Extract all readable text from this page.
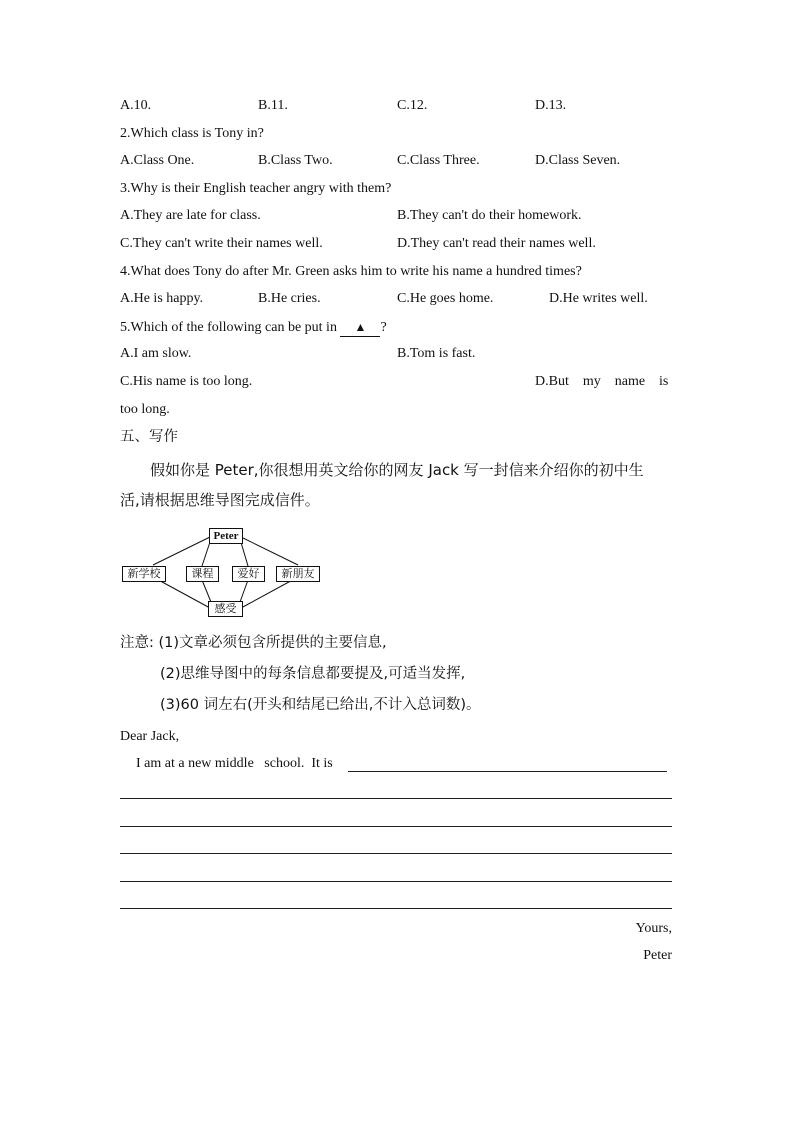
A.10.	B.11.	C.12.	D.13.
2.Which class is Tony in?
A.Class One.	B.Class Two.	C.Class Three.	D.Class Seven.
3.Why is their English teacher angry with them?
A.They are late for class.	B.They can't do their homework.
C.They can't write their names well.	D.They can't read their names well.
4.What does Tony do after Mr. Green asks him to write his name a hundred times?
A.He is happy.	B.He cries.	C.He goes home.	D.He writes well.
5.Which of the following can be put in ▲ ?
A.I am slow.	B.Tom is fast.
C.His name is too long.	D.But    my    name    is
too long.
五、写作
假如你是 Peter,你很想用英文给你的网友 Jack 写一封信来介绍你的初中生
活,请根据思维导图完成信件。
Peter
新学校	课程	爱好	新朋友
感受
注意: (1)文章必须包含所提供的主要信息,
(2)思维导图中的每条信息都要提及,可适当发挥,
(3)60 词左右(开头和结尾已给出,不计入总词数)。
Dear Jack,
I am at a new middle   school.  It is
Yours,
Peter
